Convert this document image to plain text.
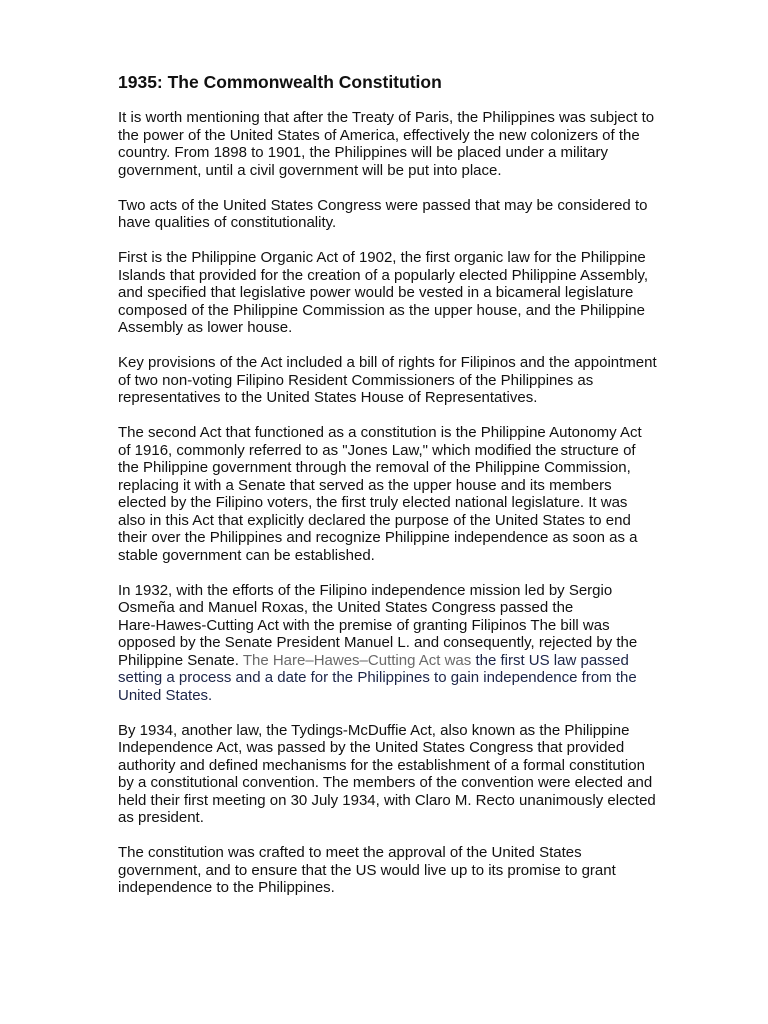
1935: The Commonwealth Constitution
It is worth mentioning that after the Treaty of Paris, the Philippines was subject to
the power of the United States of America, effectively the new colonizers of the
country. From 1898 to 1901, the Philippines will be placed under a military
government, until a civil government will be put into place.
Two acts of the United States Congress were passed that may be considered to
have qualities of constitutionality.
First is the Philippine Organic Act of 1902, the first organic law for the Philippine
Islands that provided for the creation of a popularly elected Philippine Assembly,
and specified that legislative power would be vested in a bicameral legislature
composed of the Philippine Commission as the upper house, and the Philippine
Assembly as lower house.
Key provisions of the Act included a bill of rights for Filipinos and the appointment
of two non-voting Filipino Resident Commissioners of the Philippines as
representatives to the United States House of Representatives.
The second Act that functioned as a constitution is the Philippine Autonomy Act
of 1916, commonly referred to as "Jones Law," which modified the structure of
the Philippine government through the removal of the Philippine Commission,
replacing it with a Senate that served as the upper house and its members
elected by the Filipino voters, the first truly elected national legislature. It was
also in this Act that explicitly declared the purpose of the United States to end
their over the Philippines and recognize Philippine independence as soon as a
stable government can be established.
In 1932, with the efforts of the Filipino independence mission led by Sergio
Osmeña and Manuel Roxas, the United States Congress passed the
Hare-Hawes-Cutting Act with the premise of granting Filipinos The bill was
opposed by the Senate President Manuel L. and consequently, rejected by the
Philippine Senate. The Hare–Hawes–Cutting Act was the first US law passed
setting a process and a date for the Philippines to gain independence from the
United States.
By 1934, another law, the Tydings-McDuffie Act, also known as the Philippine
Independence Act, was passed by the United States Congress that provided
authority and defined mechanisms for the establishment of a formal constitution
by a constitutional convention. The members of the convention were elected and
held their first meeting on 30 July 1934, with Claro M. Recto unanimously elected
as president.
The constitution was crafted to meet the approval of the United States
government, and to ensure that the US would live up to its promise to grant
independence to the Philippines.
